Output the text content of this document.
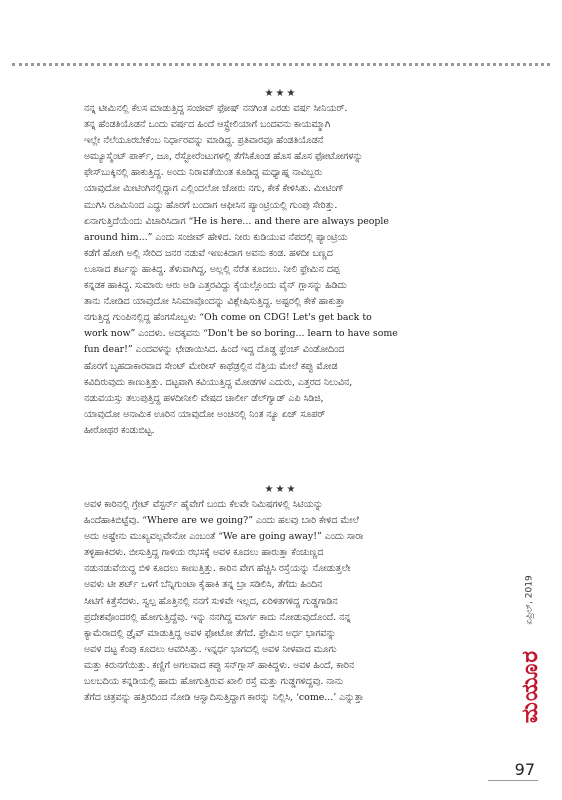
★★★
ನನ್ನ ಟೀಮಿನಲ್ಲಿ ಕೆಲಸ ಮಾಡುತ್ತಿದ್ದ ಸಂಜೀವ್ ಫೋಷ್ ನನಗಿಂತ ಎರಡು ವರ್ಷ ಸೀನಿಯರ್.
ತನ್ನ ಹೆಂಡತಿಯೊಡನೆ ಒಂದು ವರ್ಷದ ಹಿಂದೆ ಆಸ್ಟ್ರೇಲಿಯಾಗೆ ಬಂದವನು ಕಾಯಮ್ಮಾಗಿ
ಇಲ್ಲೇ ನೆಲೆಯೂರಬೇಕೆಂಬ ನಿರ್ಧಾರವನ್ನು ಮಾಡಿದ್ದ. ಪ್ರತಿವಾರವೂ ಹೆಂಡತಿಯೊಡನೆ
ಅಮ್ಯೂಸ್ಮೆಂಟ್ ಪಾರ್ಕ್, ಜೂ, ರೆಸ್ಟೋರೆಂಟುಗಳಲ್ಲಿ ತೆಗೆಸಿಕೊಂಡ ಹೊಸ ಹೊಸ ಫೋಟೋಗಳನ್ನು
ಫೇಸ್‌ಬುಕ್ಕಿನಲ್ಲಿ ಹಾಕುತ್ತಿದ್ದ. ಅಂದು ನಿರಾವತೆಯಿಂತ ಕೂಡಿದ್ದ ಮಧ್ಯಾಹ್ನ ನಾವಿಬ್ಬರು
ಯಾವುದೋ ಮೀಟಿಂಗಿನಲ್ಲಿದ್ದಾಗ ಎಲ್ಲಿಂದಲೋ ಜೋರು ನಗು, ಕೇಕೆ ಕೇಳಿಸಿತು. ಮೀಟಿಂಗ್
ಮುಗಿಸಿ ರೂಮಿನಿಂದ ಎದ್ದು ಹೊರಗೆ ಬಂದಾಗ ಆಫೀಸಿನ ಪ್ಯಾಂಟ್ರಿಯಲ್ಲಿ ಗುಂಪು ಸೇರಿತ್ತು.
ಏನಾಗುತ್ತಿದೆಯೆಂದು ವಿಚಾರಿಸಿದಾಗ “He is here... and there are always people
around him...” ಎಂದು ಸಂಜೀವ್ ಹೇಳಿದ. ನೀರು ಕುಡಿಯುವ ನೆಪದಲ್ಲಿ ಪ್ಯಾಂಟ್ರಿಯ
ಕಡೆಗೆ ಹೋಗಿ ಅಲ್ಲಿ ಸೇರಿದ ಜನರ ನಡುವೆ ಇಣುಕಿದಾಗ ಅವನು ಕಂಡ. ಹಳದೀ ಬಣ್ಣದ
ಲೂಸಾದ ಶರ್ಟನ್ನು ಹಾಕಿದ್ದ. ತೆಳುವಾಗಿದ್ದ, ಅಲ್ಲಲ್ಲಿ ನೆರೆತ ಕೂದಲು. ನೀಲಿ ಫ್ರೇಮಿನ ದಪ್ಪ
ಕನ್ನಡಕ ಹಾಕಿದ್ದ. ಸುಮಾರು ಆರು ಅಡಿ ಎತ್ತರವಿದ್ದು ಕೈಯಲ್ಲೊಂದು ವೈನ್ ಗ್ಲಾಸನ್ನು ಹಿಡಿದು
ತಾನು ನೋಡಿದ ಯಾವುದೋ ಸಿನಿಮಾವೊಂದನ್ನು ವಿಶ್ಲೇಷಿಸುತ್ತಿದ್ದ. ಅಷ್ಟರಲ್ಲಿ ಕೇಕೆ ಹಾಕುತ್ತಾ
ನಗುತ್ತಿದ್ದ ಗುಂಪಿನಲ್ಲಿದ್ದ ಹೆಂಗಸೊಬ್ಬಳು “Oh come on CDG! Let's get back to
work now” ಎಂದಳು. ಅದಕ್ಕವನು “Don't be so boring... learn to have some
fun dear!” ಎಂದವಳನ್ನು ಛೇಡಾಯಿಸಿದ. ಹಿಂದೆ ಇದ್ದ ದೊಡ್ಡ ಫ್ರೆಂಚ್ ವಿಂಡೋದಿಂದ
ಹೊರಗೆ ಬೃಹದಾಕಾರವಾದ ಸೇಂಟ್ ಮೇರೀಸ್ ಕಾಥೆಡ್ರಲ್ಲಿನ ನೆತ್ತಿಯ ಮೇಲೆ ಕಪ್ಪು ಮೋಡ
ಕವಿದಿರುವುದು ಕಾಣುತ್ತಿತ್ತು. ದಟ್ಟವಾಗಿ ಕವಿಯುತ್ತಿದ್ದ ಮೋಡಗಳ ಎದುರು, ಎತ್ತರದ ನಿಲುವಿನ,
ನಡುವಯಸ್ಸು ತಲುಪುತ್ತಿದ್ದ ಹಳದೀನೀಲಿ ವೇಷದ ಚಾರ್ಲೀ ಡೆಲ್‌ಗ್ಯಾಡ್ ಎಪಿ ಸಿಡಿಜಿ,
ಯಾವುದೋ ಅನಾಮಿಕ ಊರಿನ ಯಾವುದೋ ಅಂಚಿನಲ್ಲಿ ನಿಂತ ನ್ಯೂ ಏಜ್ ಸೂಪರ್
ಹೀರೋಥರ ಕಂಡುಬಿಟ್ಟ.
★★★
ಅವಳ ಕಾರಿನಲ್ಲಿ ಗ್ರೇಟ್ ವೆಸ್ಟರ್ನ್ ಹೈವೇಗೆ ಬಂದು ಕೆಲವೇ ನಿಮಿಷಗಳಲ್ಲಿ ಸಿಟಿಯನ್ನು
ಹಿಂದೆಹಾಕಿಬಿಟ್ಟೆವು. “Where are we going?” ಎಂದು ಹಲವು ಬಾರಿ ಕೇಳಿದ ಮೇಲೆ
ಅದು ಅಷ್ಟೇನು ಮುಖ್ಯವಲ್ಲವೇನೋ ಎಂಬಂತೆ “We are going away!” ಎಂದು ಸಾರಾ
ತಳ್ಳಿಹಾಕಿದಳು. ಬೀಸುತ್ತಿದ್ದ ಗಾಳಿಯ ರಭಸಕ್ಕೆ ಅವಳ ಕೂದಲು ಹಾರುತ್ತಾ ಕೆಂಚುಣ್ಣದ
ನಡುನಡುವೆಯಿದ್ದ ಬಿಳಿ ಕೂದಲು ಕಾಣುತ್ತಿತ್ತು. ಕಾರಿನ ವೇಗ ಹೆಚ್ಚಿಸಿ ರಸ್ತೆಯನ್ನು ನೋಡುತ್ತಲೇ
ಅವಳು ಟೀ ಶರ್ಟ್ ಒಳಗೆ ಬೆನ್ನಿಗುಂಟಾ ಕೈಹಾಕಿ ತನ್ನ ಬ್ರಾ ಸಡಿಲಿಸಿ, ತೆಗೆದು ಹಿಂದಿನ
ಸೀಟಿಗೆ ಕಿತ್ತೆಸೆದಳು. ಸ್ವಲ್ಪ ಹೊತ್ತಿನಲ್ಲಿ ನನಗೆ ಸುಳಿವೇ ಇಲ್ಲದ, ಏರಿಳಿತಗಳಿದ್ದ ಗುಡ್ಡಗಾಡಿನ
ಪ್ರದೇಶವೊಂದರಲ್ಲಿ ಹೋಗುತ್ತಿದ್ದೆವು. ಇನ್ನು ನನಗಿದ್ದ ಮಾರ್ಗ ಕಾದು ನೋಡುವುದೊಂದೆ. ನನ್ನ
ಕ್ಯಾಮೆರಾದಲ್ಲಿ ಡ್ರೈವ್ ಮಾಡುತ್ತಿದ್ದ ಅವಳ ಫೋಟೋ ತೆಗೆದೆ. ಫ್ರೇಮಿನ ಅರ್ಧ ಭಾಗವನ್ನು
ಅವಳ ದಟ್ಟ ಕೆಂಪು ಕೂದಲು ಆವರಿಸಿತ್ತು. ಇನ್ನರ್ಧ ಭಾಗದಲ್ಲಿ ಅವಳ ನೀಳವಾದ ಮೂಗು
ಮತ್ತು ಕಿರುನಗೆಯಿತ್ತು. ಕಣ್ಣಿಗೆ ಅಗಲವಾದ ಕಪ್ಪು ಸನ್‌ಗ್ಲಾಸ್ ಹಾಕಿದ್ದಳು. ಅವಳ ಹಿಂದೆ, ಕಾರಿನ
ಬಲಬದಿಯ ಕನ್ನಡಿಯಲ್ಲಿ ಹಾದು ಹೋಗುತ್ತಿರುವ ಖಾಲಿ ರಸ್ತೆ ಮತ್ತು ಗುಡ್ಡಗಳಿದ್ದವು. ನಾನು
ತೆಗೆದ ಚಿತ್ರವನ್ನು ಹತ್ತಿರದಿಂದ ನೋಡಿ ಆಸ್ವಾದಿಸುತ್ತಿದ್ದಾಗ ಕಾರನ್ನು ನಿಲ್ಲಿಸಿ, ‘come...’ ಎನ್ನುತ್ತಾ
ಏಪ್ರಿಲ್, 2019
ಮಯೂರ
97
